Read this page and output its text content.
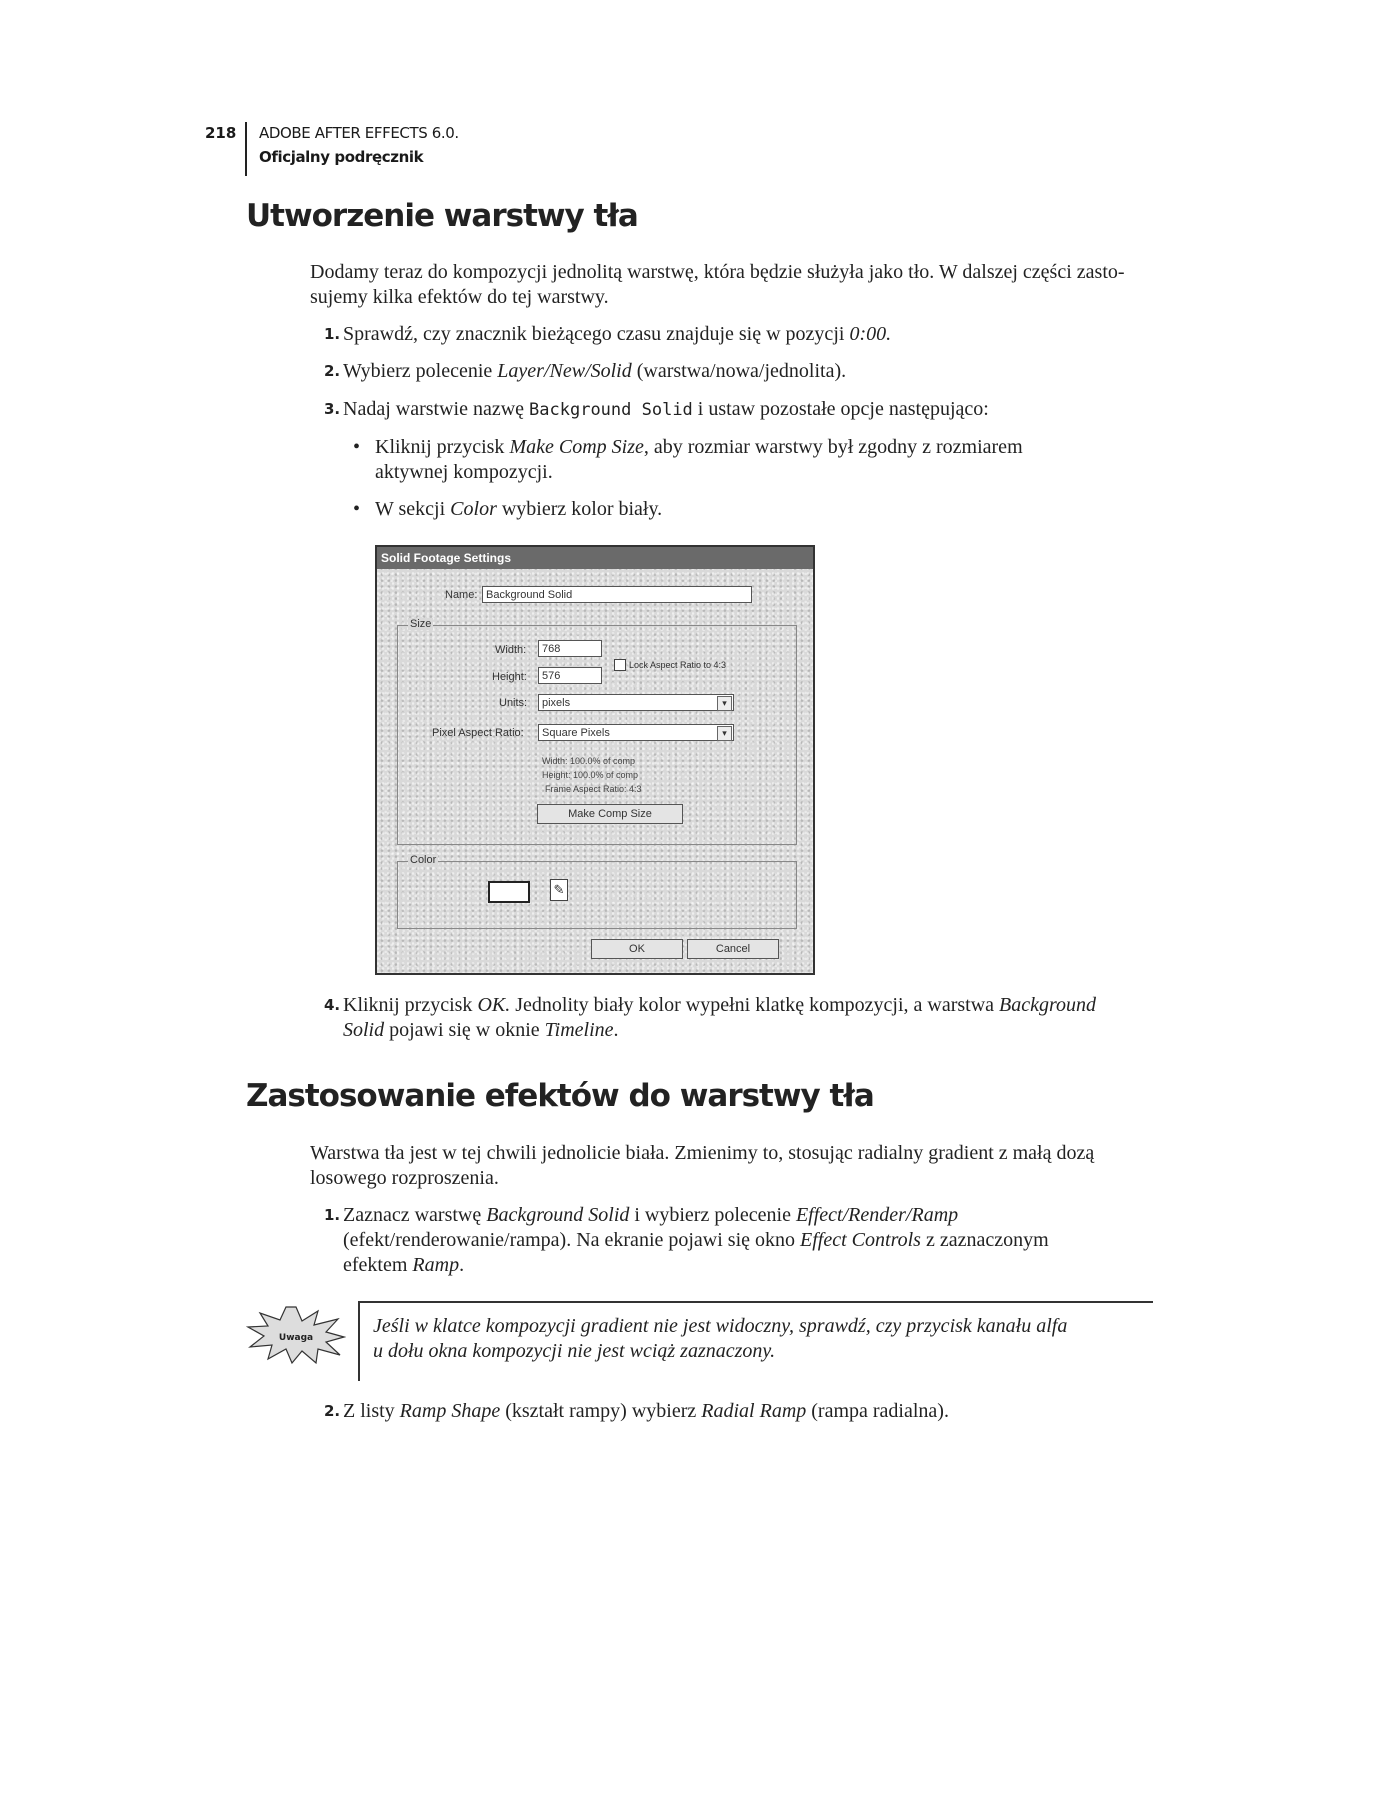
218 ADOBE AFTER EFFECTS 6.0.
Oficjalny podręcznik
Utworzenie warstwy tła

Dodamy teraz do kompozycji jednolitą warstwę, która będzie służyła jako tło. W dalszej części zasto-
sujemy kilka efektów do tej warstwy.

1. Sprawdź, czy znacznik bieżącego czasu znajduje się w pozycji 0:00.
2. Wybierz polecenie Layer/New/Solid (warstwa/nowa/jednolita).
3. Nadaj warstwie nazwę Background Solid i ustaw pozostałe opcje następująco:
• Kliknij przycisk Make Comp Size, aby rozmiar warstwy był zgodny z rozmiarem
aktywnej kompozycji.
• W sekcji Color wybierz kolor biały.
Solid Footage Settings
Name: Background Solid
Size
Width:	768
Height:	576
Lock Aspect Ratio to 4:3
Units:	pixels	▾
Pixel Aspect Ratio:	Square Pixels	▾
Width: 100.0% of comp
Height: 100.0% of comp
Frame Aspect Ratio: 4:3
Make Comp Size
Color
✎
OK	Cancel
4. Kliknij przycisk OK. Jednolity biały kolor wypełni klatkę kompozycji, a warstwa Background
Solid pojawi się w oknie Timeline.
Zastosowanie efektów do warstwy tła

Warstwa tła jest w tej chwili jednolicie biała. Zmienimy to, stosując radialny gradient z małą dozą
losowego rozproszenia.

1. Zaznacz warstwę Background Solid i wybierz polecenie Effect/Render/Ramp
(efekt/renderowanie/rampa). Na ekranie pojawi się okno Effect Controls z zaznaczonym
efektem Ramp.
Uwaga

Jeśli w klatce kompozycji gradient nie jest widoczny, sprawdź, czy przycisk kanału alfa
u dołu okna kompozycji nie jest wciąż zaznaczony.

2. Z listy Ramp Shape (kształt rampy) wybierz Radial Ramp (rampa radialna).
